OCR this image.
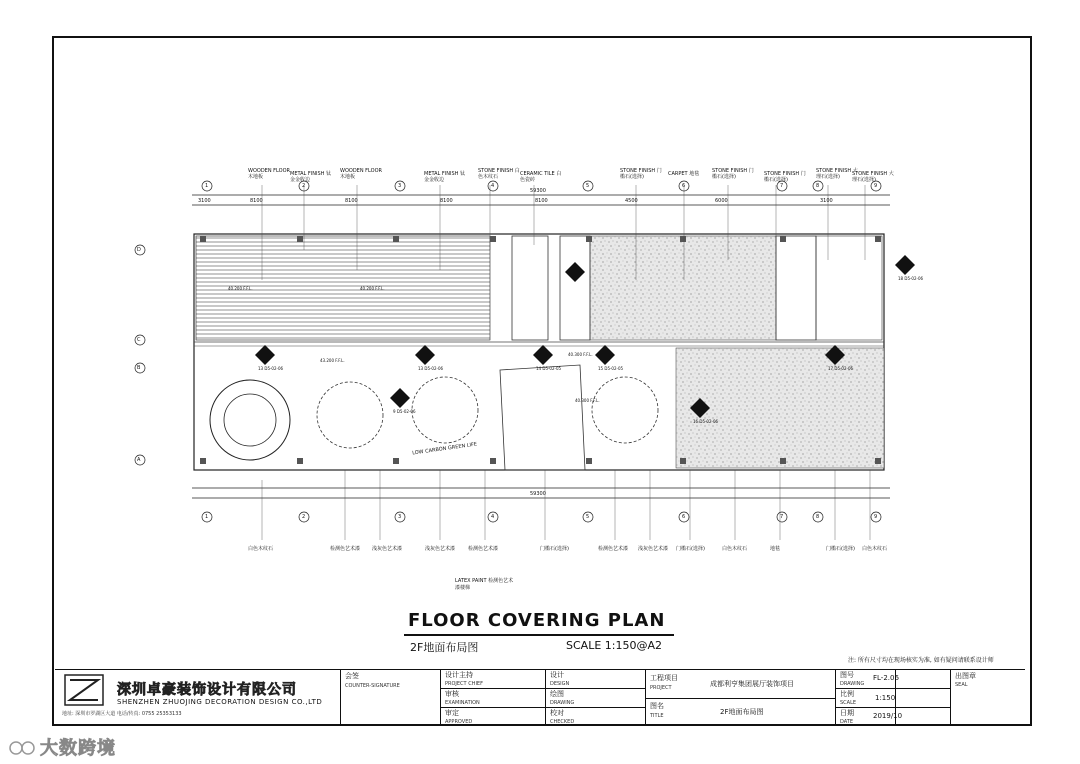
59300
59300
LOW CARBON GREEN LIFE
LATEX PAINT 检测色艺术漆楼梯
WOODEN FLOOR 木地板	METAL FINISH 钛金金收边
WOODEN FLOOR 木地板	METAL FINISH 钛金金收边
STONE FINISH 白色木纹石	CERAMIC TILE 白色瓷砖
STONE FINISH 门槛石(选择)	CARPET 地毯	STONE FINISH 门槛石(选择)	STONE FINISH 门槛石(选择)
STONE FINISH 大理石(选择)	STONE FINISH 大理石(选择)
白色木纹石	检测色艺术漆 浅灰色艺术漆	浅灰色艺术漆	检测色艺术漆	门槛石(选择)	检测色艺术漆 浅灰色艺术漆 门槛石(选择)	白色木纹石	地毯	门槛石(选择) 白色木纹石
3100	8100	8100	8100	8100	4500	6000	3100
1
1
2
2
3
3
4
4
5
5
6
6
7
7
8
8
9
9
D
C
B
A
13 D5-02-06	13 D5-02-06
9 D5-02-06
14 D5-02-05	15 D5-02-05
16 D5-02-06
17 D5-02-06
18 D5-02-06
40.200 F.F.L.	40.200 F.F.L.
43.200 F.F.L.
40.300 F.F.L.
40.300 F.F.L.
FLOOR COVERING PLAN
2F地面布局图	SCALE 1:150@A2
注: 所有尺寸均在现场核实为准, 如有疑问请联系设计师
会签
COUNTER-SIGNATURE
设计主持
PROJECT CHIEF
审核
EXAMINATION
审定
APPROVED
设计
DESIGN
绘图
DRAWING
校对
CHECKED
工程项目
PROJECT	成都利亨集团展厅装饰项目
图名
TITLE	2F地面布局图
图号
DRAWING
FL-2.06
比例
SCALE
1:150
日期
DATE
2019/10
出图章
SEAL
深圳卓豪装饰设计有限公司
SHENZHEN ZHUOJING DECORATION DESIGN CO.,LTD
地址: 深圳市罗湖区大道 电话/传真: 0755 25353133
大数跨境
